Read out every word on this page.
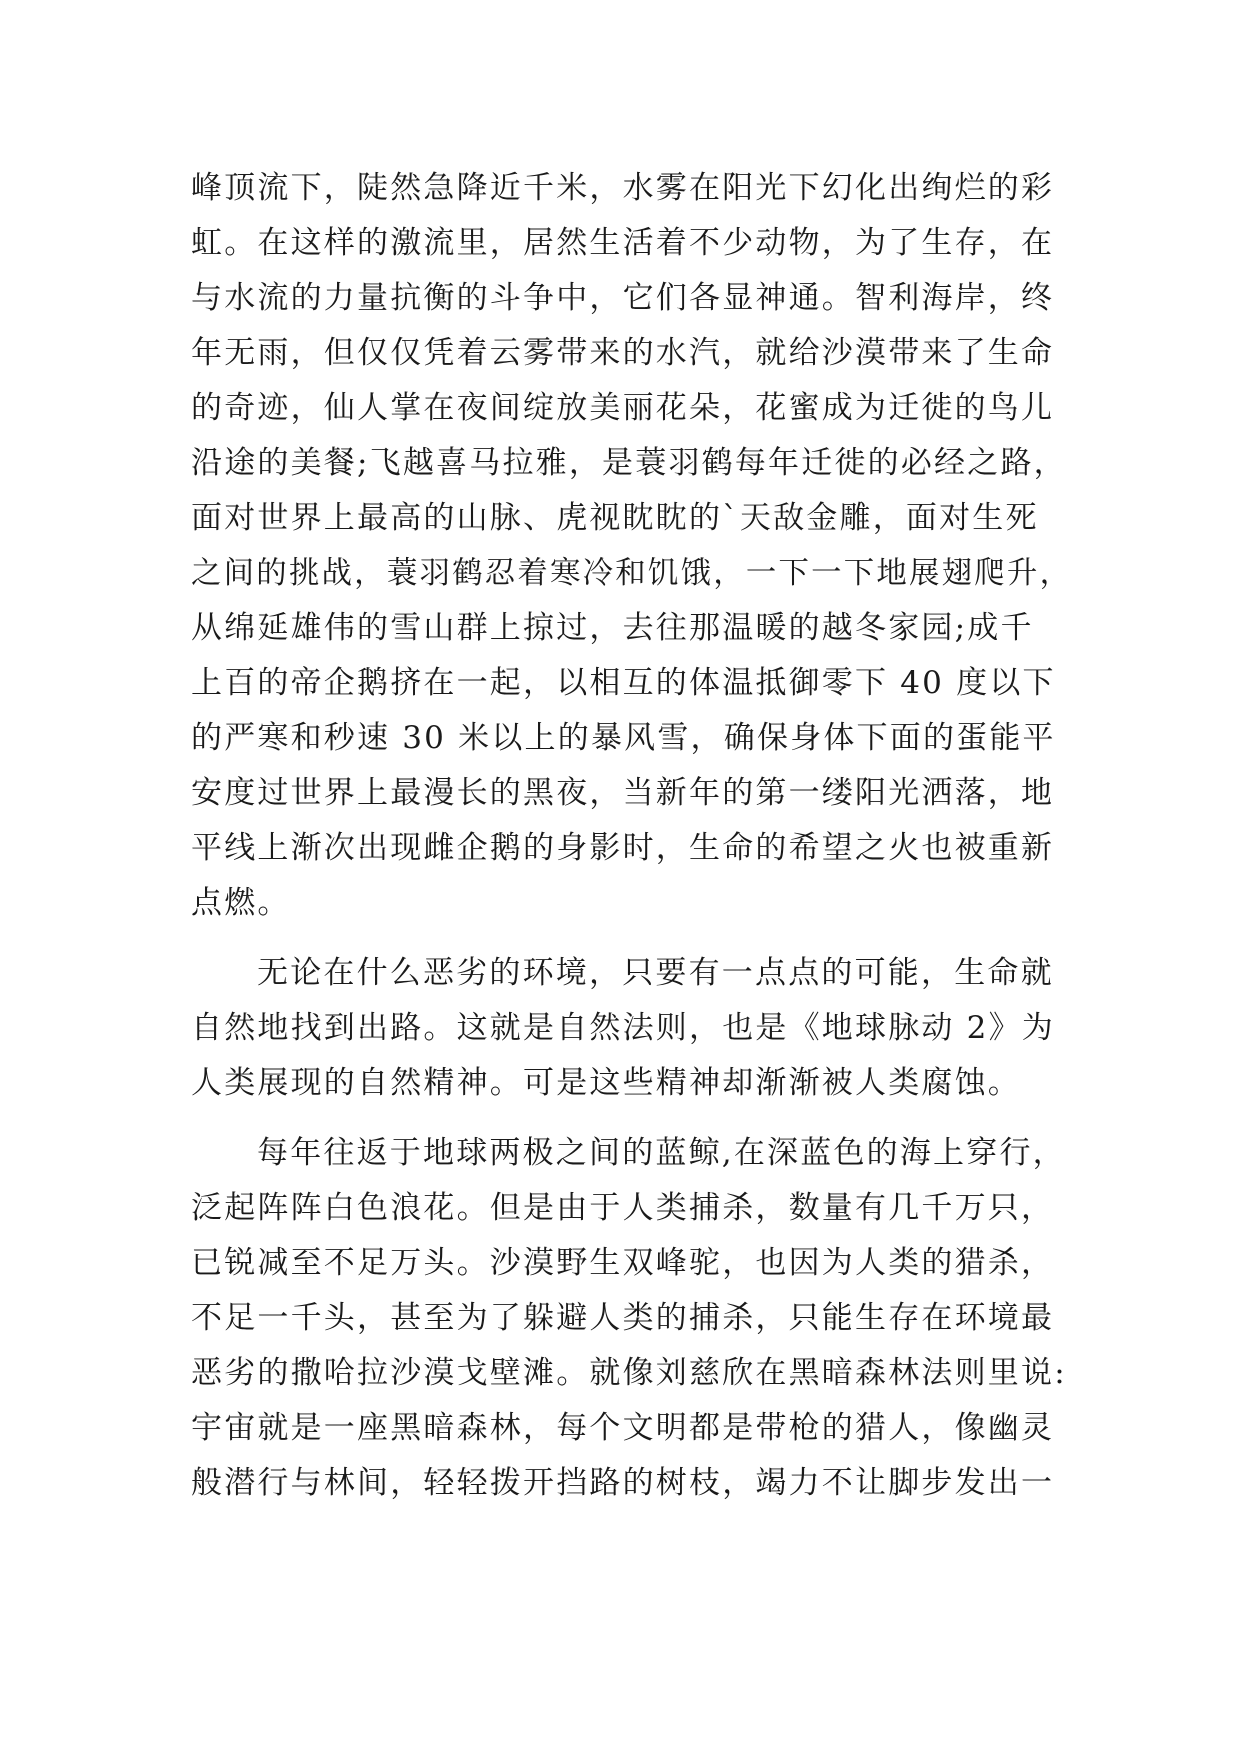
峰顶流下，陡然急降近千米，水雾在阳光下幻化出绚烂的彩
虹。在这样的激流里，居然生活着不少动物，为了生存，在
与水流的力量抗衡的斗争中，它们各显神通。智利海岸，终
年无雨，但仅仅凭着云雾带来的水汽，就给沙漠带来了生命
的奇迹，仙人掌在夜间绽放美丽花朵，花蜜成为迁徙的鸟儿
沿途的美餐;飞越喜马拉雅，是蓑羽鹤每年迁徙的必经之路，
面对世界上最高的山脉、虎视眈眈的`天敌金雕，面对生死
之间的挑战，蓑羽鹤忍着寒冷和饥饿，一下一下地展翅爬升，
从绵延雄伟的雪山群上掠过，去往那温暖的越冬家园;成千
上百的帝企鹅挤在一起，以相互的体温抵御零下 40 度以下
的严寒和秒速 30 米以上的暴风雪，确保身体下面的蛋能平
安度过世界上最漫长的黑夜，当新年的第一缕阳光洒落，地
平线上渐次出现雌企鹅的身影时，生命的希望之火也被重新
点燃。
无论在什么恶劣的环境，只要有一点点的可能，生命就
自然地找到出路。这就是自然法则，也是《地球脉动 2》为
人类展现的自然精神。可是这些精神却渐渐被人类腐蚀。
每年往返于地球两极之间的蓝鲸,在深蓝色的海上穿行，
泛起阵阵白色浪花。但是由于人类捕杀，数量有几千万只，
已锐减至不足万头。沙漠野生双峰驼，也因为人类的猎杀，
不足一千头，甚至为了躲避人类的捕杀，只能生存在环境最
恶劣的撒哈拉沙漠戈壁滩。就像刘慈欣在黑暗森林法则里说:
宇宙就是一座黑暗森林，每个文明都是带枪的猎人，像幽灵
般潜行与林间，轻轻拨开挡路的树枝，竭力不让脚步发出一
